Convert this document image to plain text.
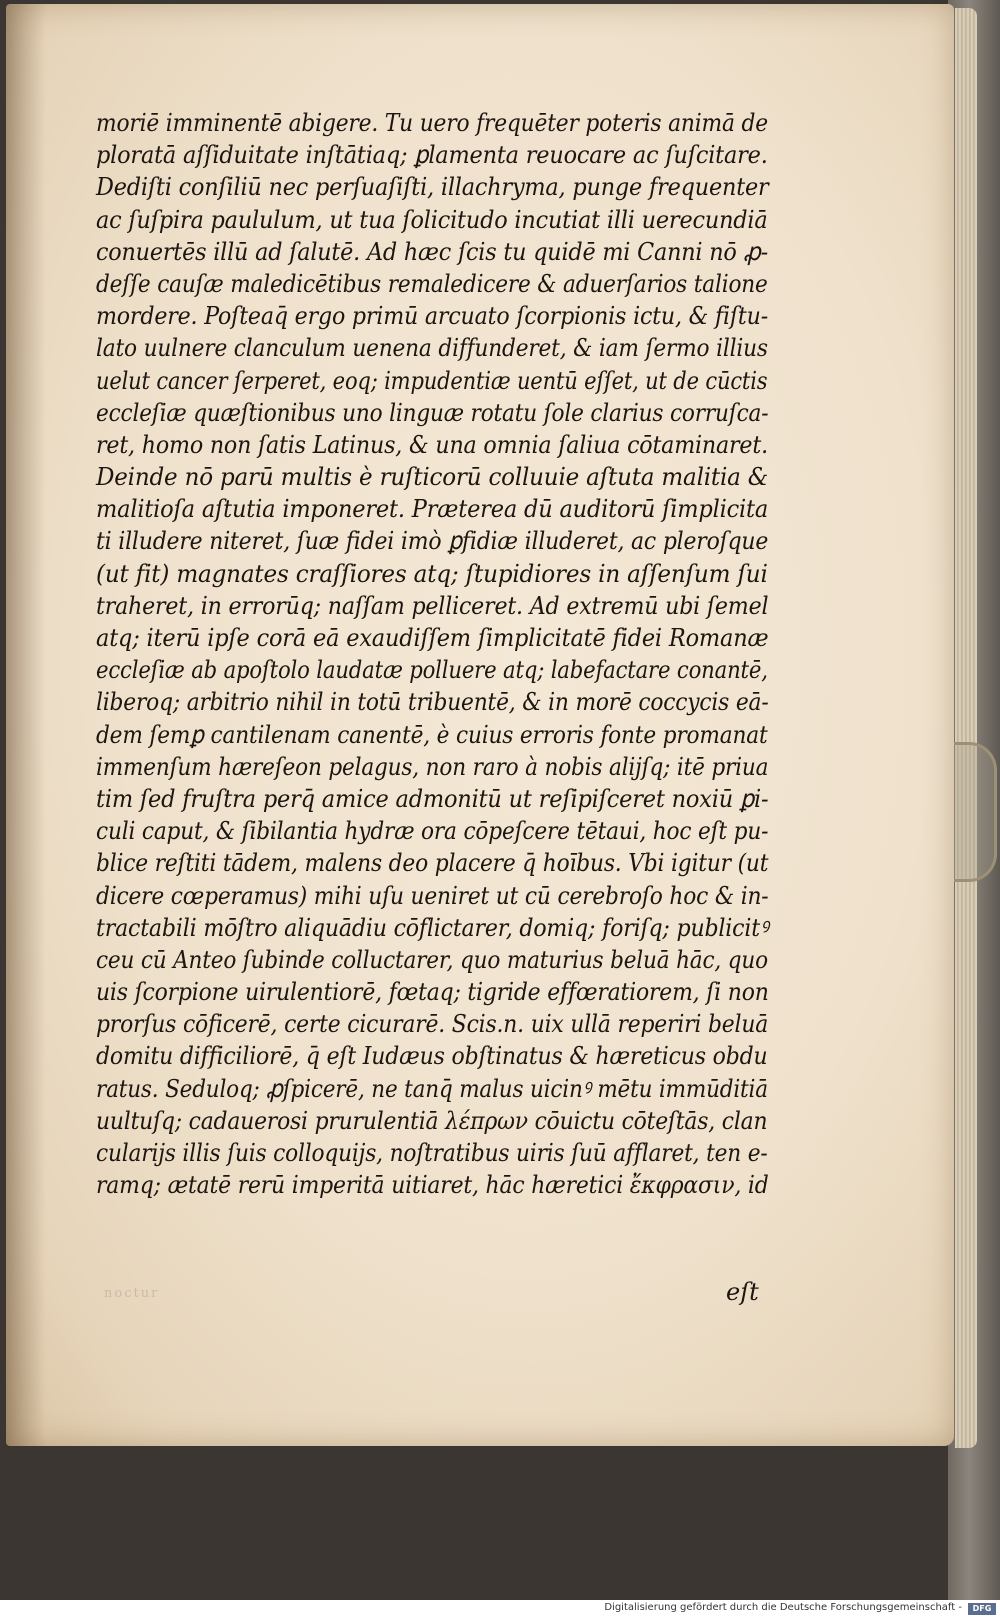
noctur
moriē imminentē abigere. Tu uero frequēter poteris animā de
ploratā aſſiduitate inſtātiaq; ꝑlamenta reuocare ac ſuſcitare.
Dediſti conſiliū nec perſuaſiſti, illachryma, punge frequenter
ac ſuſpira paululum, ut tua ſolicitudo incutiat illi uerecundiā
conuertēs illū ad ſalutē. Ad hæc ſcis tu quidē mi Canni nō ꝓ-
deſſe cauſæ maledicētibus remaledicere & aduerſarios talione
mordere. Poſteaq̄ ergo primū arcuato ſcorpionis ictu, & fiſtu-
lato uulnere clanculum uenena diffunderet, & iam ſermo illius
uelut cancer ſerperet, eoq; impudentiæ uentū eſſet, ut de cūctis
eccleſiæ quæſtionibus uno linguæ rotatu ſole clarius corruſca-
ret, homo non ſatis Latinus, & una omnia ſaliua cōtaminaret.
Deinde nō parū multis è ruſticorū colluuie aſtuta malitia &
malitioſa aſtutia imponeret. Præterea dū auditorū ſimplicita
ti illudere niteret, ſuæ fidei imò ꝑfidiæ illuderet, ac pleroſque
(ut fit) magnates craſſiores atq; ſtupidiores in aſſenſum ſui
traheret, in errorūq; naſſam pelliceret. Ad extremū ubi ſemel
atq; iterū ipſe corā eā exaudiſſem ſimplicitatē fidei Romanæ
eccleſiæ ab apoſtolo laudatæ polluere atq; labefactare conantē,
liberoq; arbitrio nihil in totū tribuentē, & in morē coccycis eā-
dem ſemꝑ cantilenam canentē, è cuius erroris fonte promanat
immenſum hæreſeon pelagus, non raro à nobis alijſq; itē priua
tim ſed fruſtra perq̄ amice admonitū ut reſipiſceret noxiū ꝑi-
culi caput, & ſibilantia hydræ ora cōpeſcere tētaui, hoc eſt pu-
blice reſtiti tādem, malens deo placere q̄ hoībus. Vbi igitur (ut
dicere cœperamus) mihi uſu ueniret ut cū cerebroſo hoc & in-
tractabili mōſtro aliquādiu cōflictarer, domiq; foriſq; publicitꝰ
ceu cū Anteo ſubinde colluctarer, quo maturius beluā hāc, quo
uis ſcorpione uirulentiorē, fœtaq; tigride effœratiorem, ſi non
prorſus cōficerē, certe cicurarē. Scis.n. uix ullā reperiri beluā
domitu difficiliorē, q̄ eſt Iudæus obſtinatus & hæreticus obdu
ratus. Seduloq; ꝓſpicerē, ne tanq̄ malus uicinꝰ mētu immūditiā
uultuſq; cadauerosi prurulentiā λέπρων cōuictu cōteſtās, clan
cularijs illis ſuis colloquijs, noſtratibus uiris ſuū afflaret, ten e-
ramq; ætatē rerū imperitā uitiaret, hāc hæretici ἔκφρασιν, id
eſt
Digitalisierung gefördert durch die Deutsche Forschungsgemeinschaft -	DFG
